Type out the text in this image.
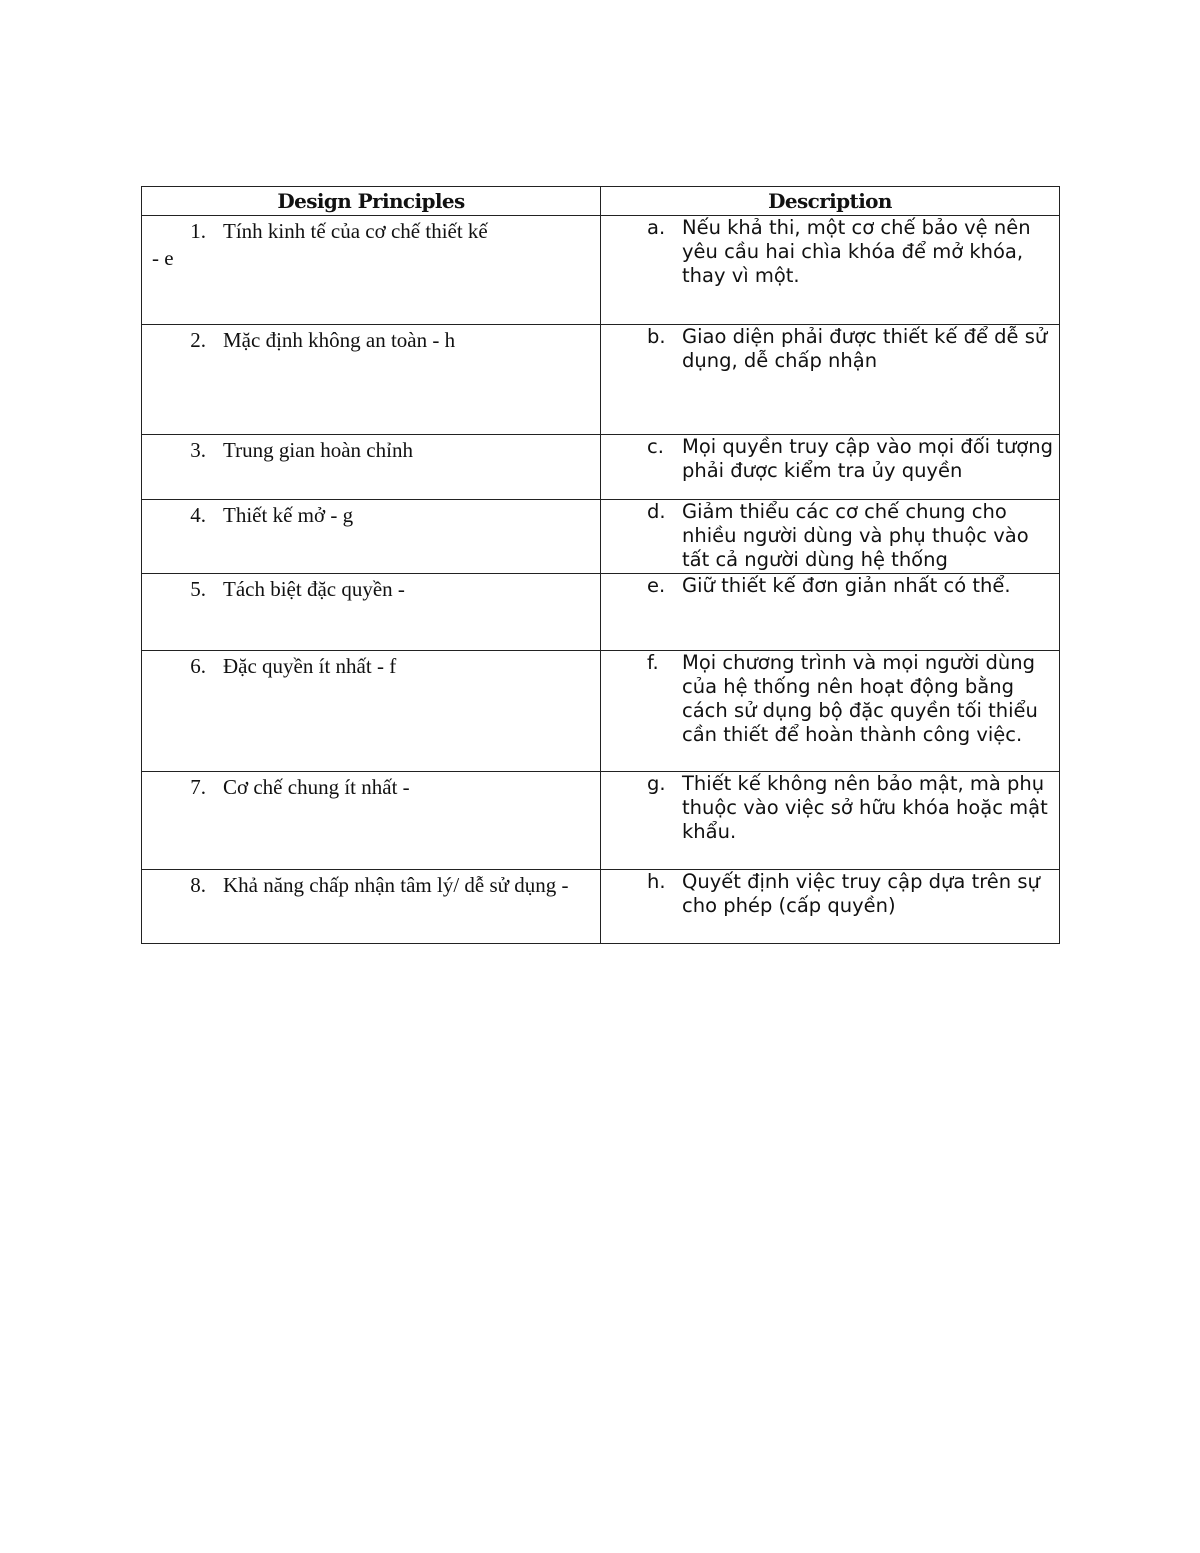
Design Principles	Description

1. Tính kinh tế của cơ chế thiết kế
- e	a. Nếu khả thi, một cơ chế bảo vệ nên yêu cầu hai chìa khóa để mở khóa, thay vì một.

2. Mặc định không an toàn - h	b. Giao diện phải được thiết kế để dễ sử dụng, dễ chấp nhận

3. Trung gian hoàn chỉnh	c. Mọi quyền truy cập vào mọi đối tượng phải được kiểm tra ủy quyền

4. Thiết kế mở - g	d. Giảm thiểu các cơ chế chung cho nhiều người dùng và phụ thuộc vào tất cả người dùng hệ thống

5. Tách biệt đặc quyền -	e. Giữ thiết kế đơn giản nhất có thể.

6. Đặc quyền ít nhất - f	f. Mọi chương trình và mọi người dùng của hệ thống nên hoạt động bằng cách sử dụng bộ đặc quyền tối thiểu cần thiết để hoàn thành công việc.

7. Cơ chế chung ít nhất -	g. Thiết kế không nên bảo mật, mà phụ thuộc vào việc sở hữu khóa hoặc mật khẩu.

8. Khả năng chấp nhận tâm lý/ dễ sử dụng -	h. Quyết định việc truy cập dựa trên sự cho phép (cấp quyền)
